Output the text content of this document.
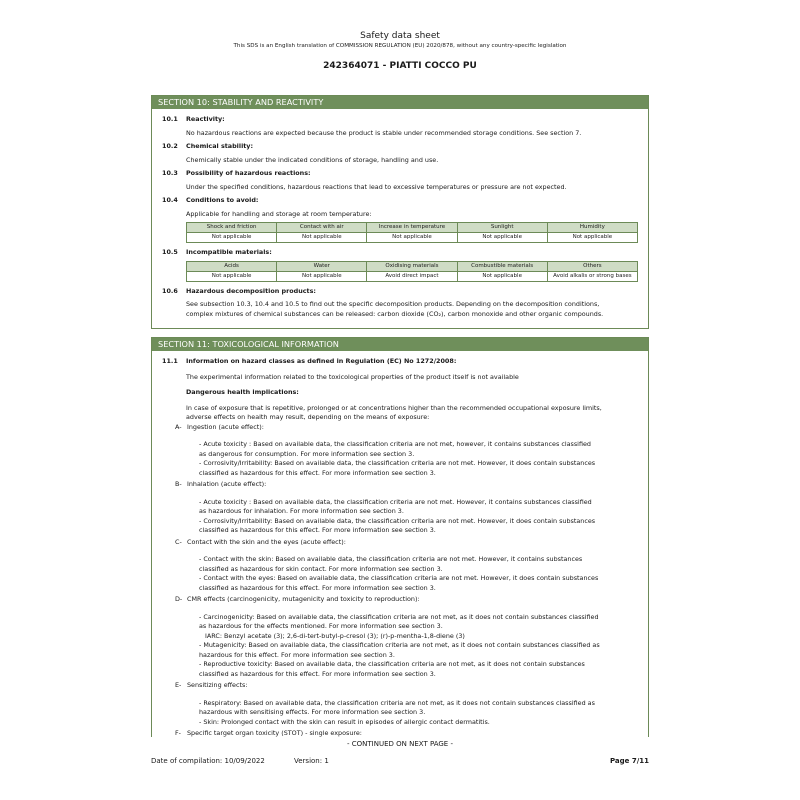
Safety data sheet
This SDS is an English translation of COMMISSION REGULATION (EU) 2020/878, without any country-specific legislation
242364071 - PIATTI COCCO PU
SECTION 10: STABILITY AND REACTIVITY
10.1	Reactivity:
No hazardous reactions are expected because the product is stable under recommended storage conditions. See section 7.
10.2	Chemical stability:
Chemically stable under the indicated conditions of storage, handling and use.
10.3	Possibility of hazardous reactions:
Under the specified conditions, hazardous reactions that lead to excessive temperatures or pressure are not expected.
10.4	Conditions to avoid:
Applicable for handling and storage at room temperature:
Shock and friction	Contact with air	Increase in temperature	Sunlight	Humidity
Not applicable	Not applicable	Not applicable	Not applicable	Not applicable
10.5	Incompatible materials:
Acids	Water	Oxidising materials	Combustible materials	Others
Not applicable	Not applicable	Avoid direct impact	Not applicable	Avoid alkalis or strong bases
10.6	Hazardous decomposition products:
See subsection 10.3, 10.4 and 10.5 to find out the specific decomposition products. Depending on the decomposition conditions,
complex mixtures of chemical substances can be released: carbon dioxide (CO₂), carbon monoxide and other organic compounds.
SECTION 11: TOXICOLOGICAL INFORMATION
11.1	Information on hazard classes as defined in Regulation (EC) No 1272/2008:
The experimental information related to the toxicological properties of the product itself is not available
Dangerous health implications:
In case of exposure that is repetitive, prolonged or at concentrations higher than the recommended occupational exposure limits,
adverse effects on health may result, depending on the means of exposure:
A- Ingestion (acute effect):
- Acute toxicity : Based on available data, the classification criteria are not met, however, it contains substances classified
as dangerous for consumption. For more information see section 3.
- Corrosivity/Irritability: Based on available data, the classification criteria are not met. However, it does contain substances
classified as hazardous for this effect. For more information see section 3.
B- Inhalation (acute effect):
- Acute toxicity : Based on available data, the classification criteria are not met. However, it contains substances classified
as hazardous for inhalation. For more information see section 3.
- Corrosivity/Irritability: Based on available data, the classification criteria are not met. However, it does contain substances
classified as hazardous for this effect. For more information see section 3.
C- Contact with the skin and the eyes (acute effect):
- Contact with the skin: Based on available data, the classification criteria are not met. However, it contains substances
classified as hazardous for skin contact. For more information see section 3.
- Contact with the eyes: Based on available data, the classification criteria are not met. However, it does contain substances
classified as hazardous for this effect. For more information see section 3.
D- CMR effects (carcinogenicity, mutagenicity and toxicity to reproduction):
- Carcinogenicity: Based on available data, the classification criteria are not met, as it does not contain substances classified
as hazardous for the effects mentioned. For more information see section 3.
IARC: Benzyl acetate (3); 2,6-di-tert-butyl-p-cresol (3); (r)-p-mentha-1,8-diene (3)
- Mutagenicity: Based on available data, the classification criteria are not met, as it does not contain substances classified as
hazardous for this effect. For more information see section 3.
- Reproductive toxicity: Based on available data, the classification criteria are not met, as it does not contain substances
classified as hazardous for this effect. For more information see section 3.
E- Sensitizing effects:
- Respiratory: Based on available data, the classification criteria are not met, as it does not contain substances classified as
hazardous with sensitising effects. For more information see section 3.
- Skin: Prolonged contact with the skin can result in episodes of allergic contact dermatitis.
F- Specific target organ toxicity (STOT) - single exposure:
- CONTINUED ON NEXT PAGE -
Date of compilation: 10/09/2022	Version: 1	Page 7/11
